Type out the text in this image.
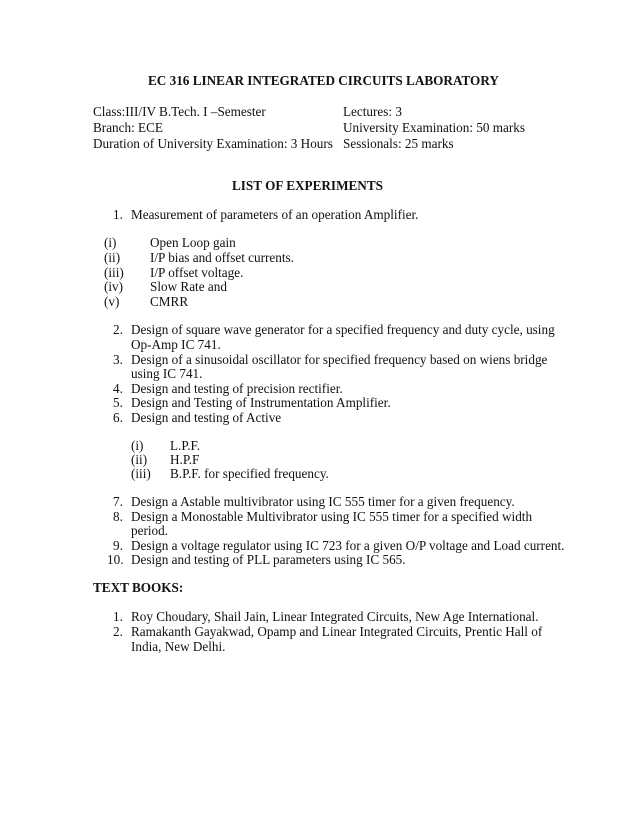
EC 316 LINEAR INTEGRATED CIRCUITS LABORATORY
Class:III/IV B.Tech. I –Semester
Branch: ECE
Duration of University Examination: 3 Hours
Lectures: 3
University Examination: 50 marks
Sessionals: 25 marks
LIST OF EXPERIMENTS
1. Measurement of parameters of an operation Amplifier.
(i)	Open Loop gain
(ii) I/P bias and offset currents.
(iii) I/P offset voltage.
(iv) Slow Rate and
(v) CMRR
2. Design of square wave generator for a specified frequency and duty cycle, using
Op-Amp IC 741.
3. Design of a sinusoidal oscillator for specified frequency based on wiens bridge
using IC 741.
4. Design and testing of precision rectifier.
5. Design and Testing of Instrumentation Amplifier.
6. Design and testing of Active
(i) L.P.F.
(ii) H.P.F
(iii) B.P.F. for specified frequency.
7. Design a Astable multivibrator using IC 555 timer for a given frequency.
8. Design a Monostable Multivibrator using IC 555 timer for a specified width
period.
9. Design a voltage regulator using IC 723 for a given O/P voltage and Load current.
10. Design and testing of PLL parameters using IC 565.
TEXT BOOKS:
1. Roy Choudary, Shail Jain, Linear Integrated Circuits, New Age International.
2. Ramakanth Gayakwad, Opamp and Linear Integrated Circuits, Prentic Hall of
India, New Delhi.
